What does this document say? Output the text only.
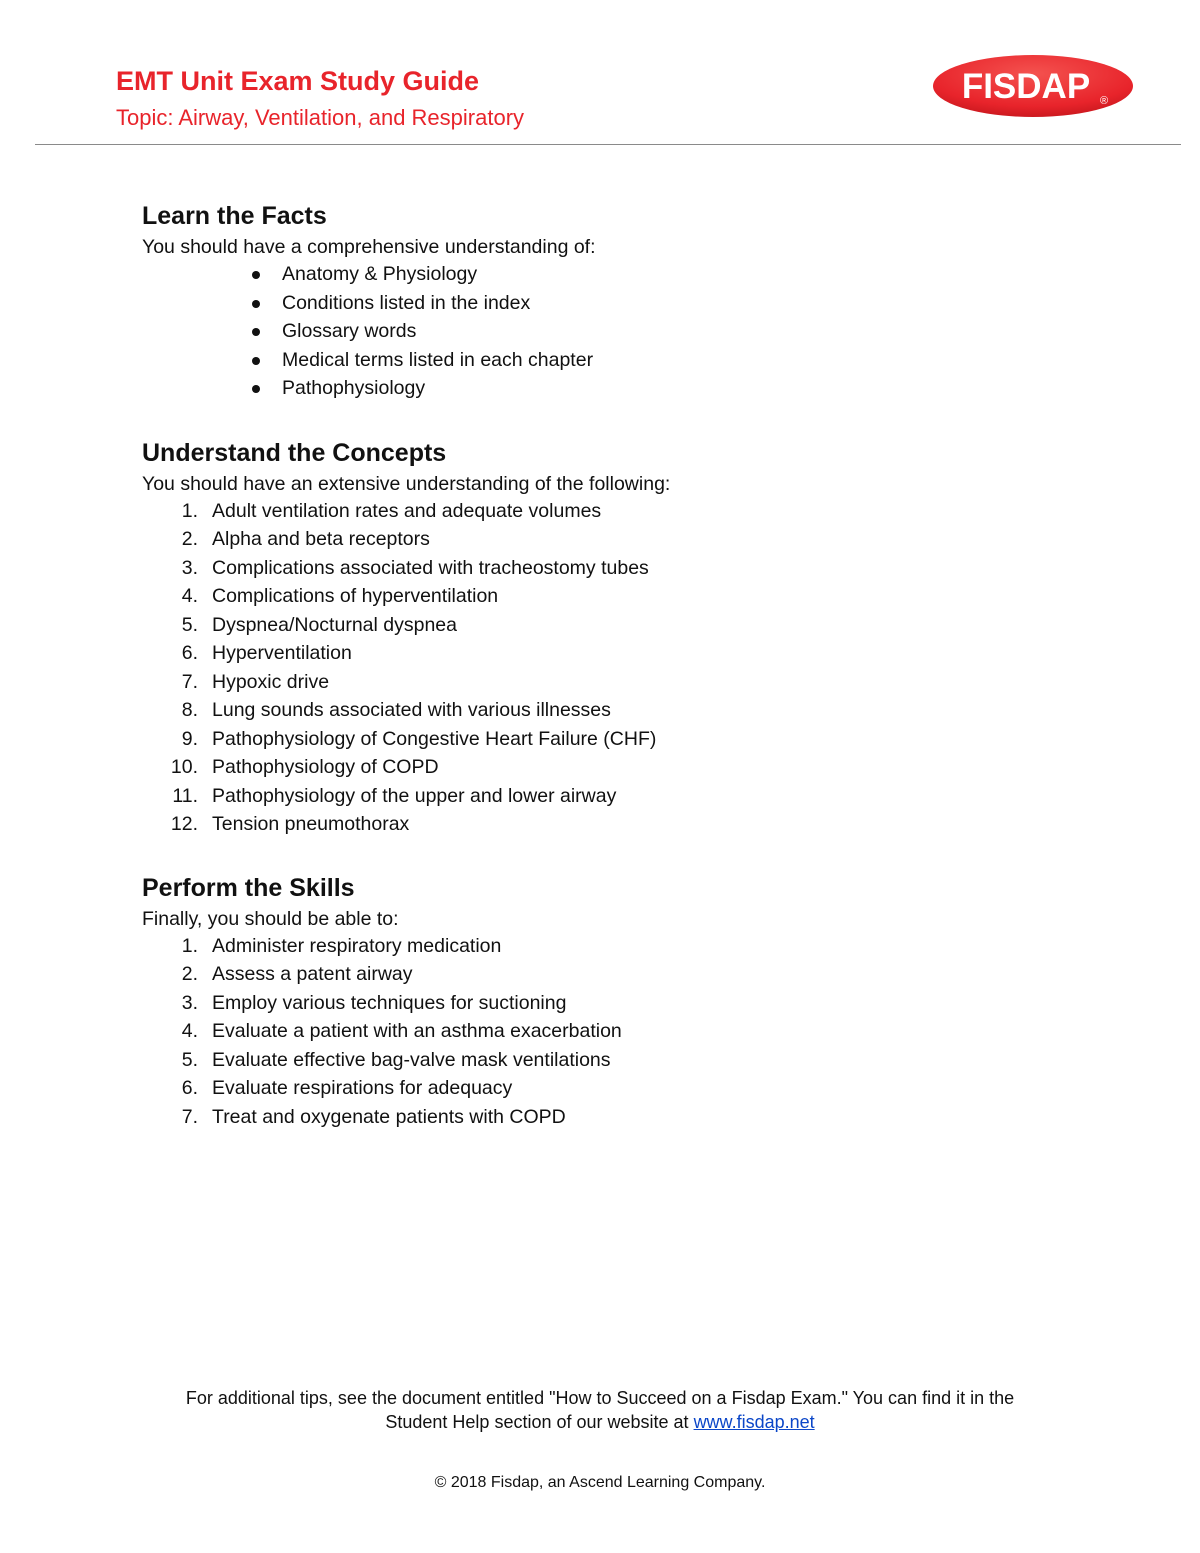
EMT Unit Exam Study Guide
Topic: Airway, Ventilation, and Respiratory
FISDAP ®
Learn the Facts

You should have a comprehensive understanding of:

Anatomy & Physiology
Conditions listed in the index
Glossary words
Medical terms listed in each chapter
Pathophysiology
Understand the Concepts

You should have an extensive understanding of the following:

1. Adult ventilation rates and adequate volumes
2. Alpha and beta receptors
3. Complications associated with tracheostomy tubes
4. Complications of hyperventilation
5. Dyspnea/Nocturnal dyspnea
6. Hyperventilation
7. Hypoxic drive
8. Lung sounds associated with various illnesses
9. Pathophysiology of Congestive Heart Failure (CHF)
10. Pathophysiology of COPD
11. Pathophysiology of the upper and lower airway
12. Tension pneumothorax
Perform the Skills

Finally, you should be able to:

1. Administer respiratory medication
2. Assess a patent airway
3. Employ various techniques for suctioning
4. Evaluate a patient with an asthma exacerbation
5. Evaluate effective bag-valve mask ventilations
6. Evaluate respirations for adequacy
7. Treat and oxygenate patients with COPD
For additional tips, see the document entitled "How to Succeed on a Fisdap Exam." You can find it in the
Student Help section of our website at www.fisdap.net
© 2018 Fisdap, an Ascend Learning Company.
